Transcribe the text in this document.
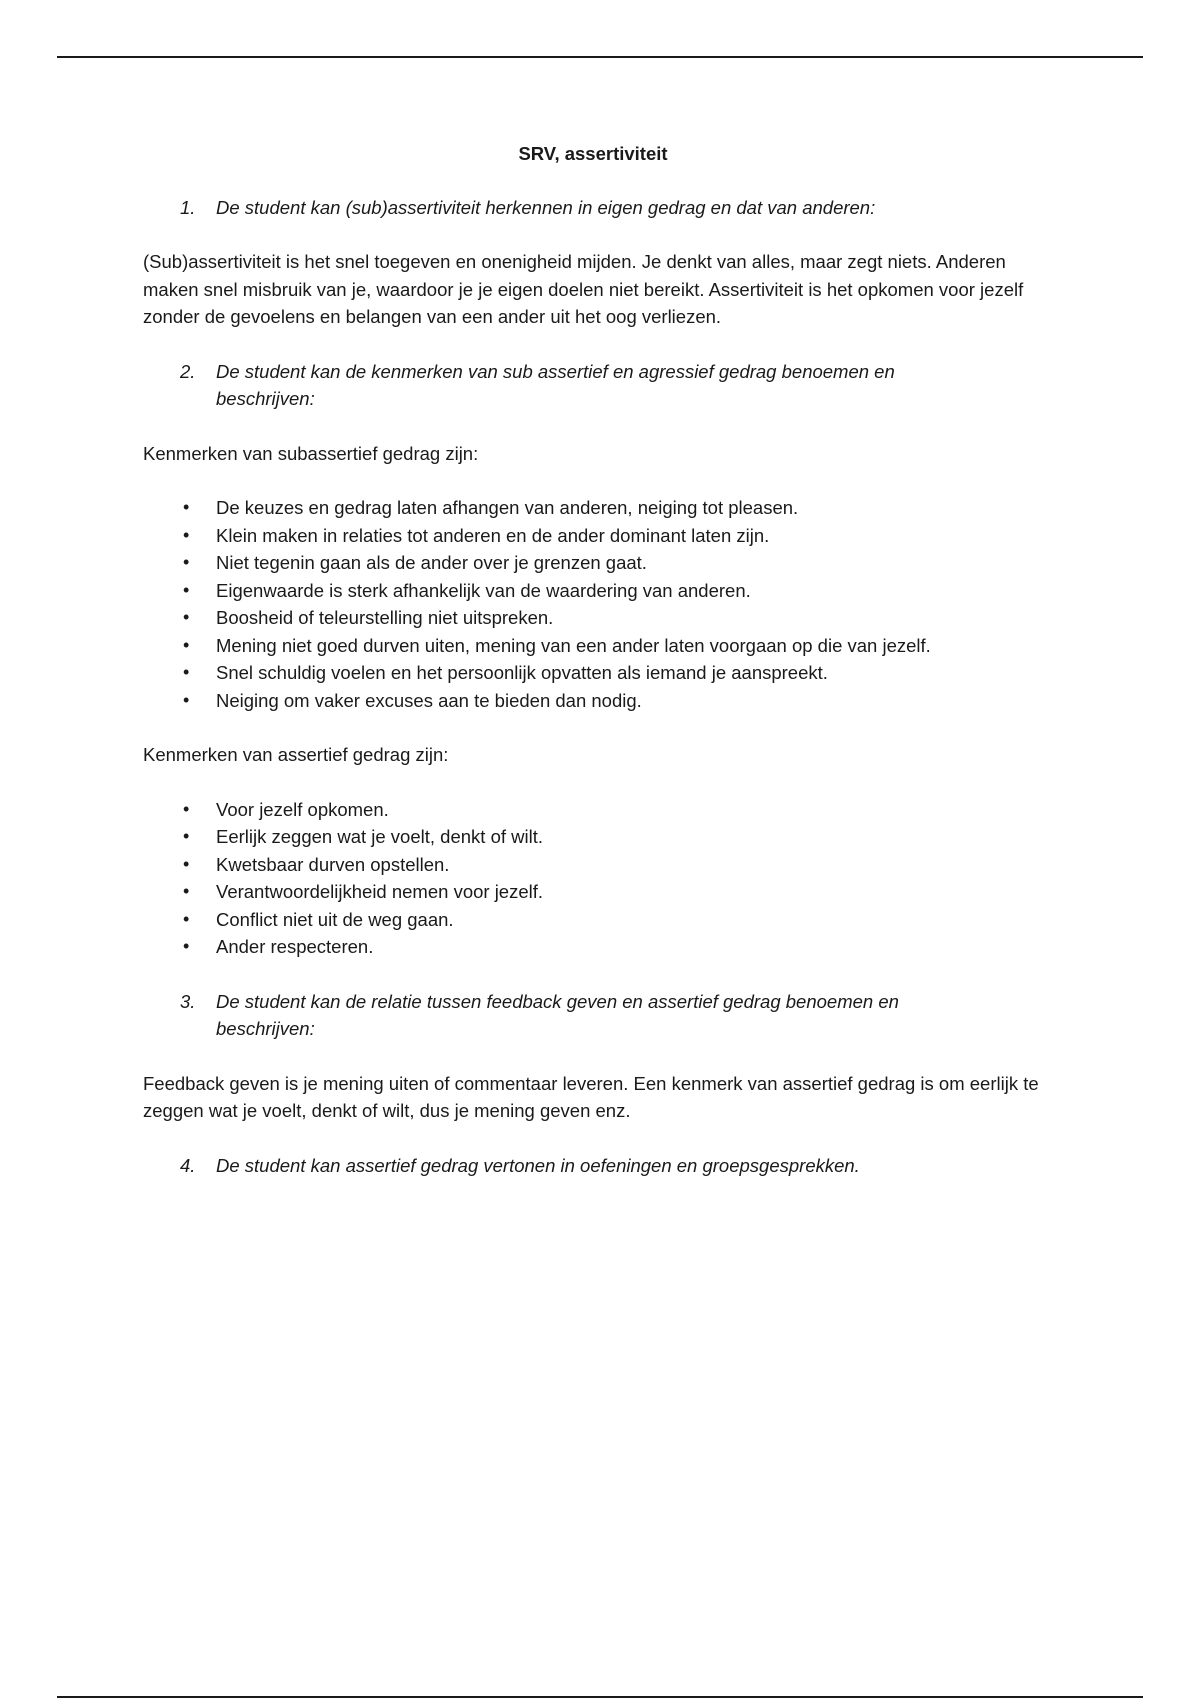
SRV, assertiviteit
1.	De student kan (sub)assertiviteit herkennen in eigen gedrag en dat van anderen:

(Sub)assertiviteit is het snel toegeven en onenigheid mijden. Je denkt van alles, maar zegt niets. Anderen maken snel misbruik van je, waardoor je je eigen doelen niet bereikt. Assertiviteit is het opkomen voor jezelf zonder de gevoelens en belangen van een ander uit het oog verliezen.

2.	De student kan de kenmerken van sub assertief en agressief gedrag benoemen en beschrijven:

Kenmerken van subassertief gedrag zijn:

•	De keuzes en gedrag laten afhangen van anderen, neiging tot pleasen.
•	Klein maken in relaties tot anderen en de ander dominant laten zijn.
•	Niet tegenin gaan als de ander over je grenzen gaat.
•	Eigenwaarde is sterk afhankelijk van de waardering van anderen.
•	Boosheid of teleurstelling niet uitspreken.
•	Mening niet goed durven uiten, mening van een ander laten voorgaan op die van jezelf.
•	Snel schuldig voelen en het persoonlijk opvatten als iemand je aanspreekt.
•	Neiging om vaker excuses aan te bieden dan nodig.

Kenmerken van assertief gedrag zijn:

•	Voor jezelf opkomen.
•	Eerlijk zeggen wat je voelt, denkt of wilt.
•	Kwetsbaar durven opstellen.
•	Verantwoordelijkheid nemen voor jezelf.
•	Conflict niet uit de weg gaan.
•	Ander respecteren.
3.	De student kan de relatie tussen feedback geven en assertief gedrag benoemen en beschrijven:

Feedback geven is je mening uiten of commentaar leveren. Een kenmerk van assertief gedrag is om eerlijk te zeggen wat je voelt, denkt of wilt, dus je mening geven enz.

4.	De student kan assertief gedrag vertonen in oefeningen en groepsgesprekken.
